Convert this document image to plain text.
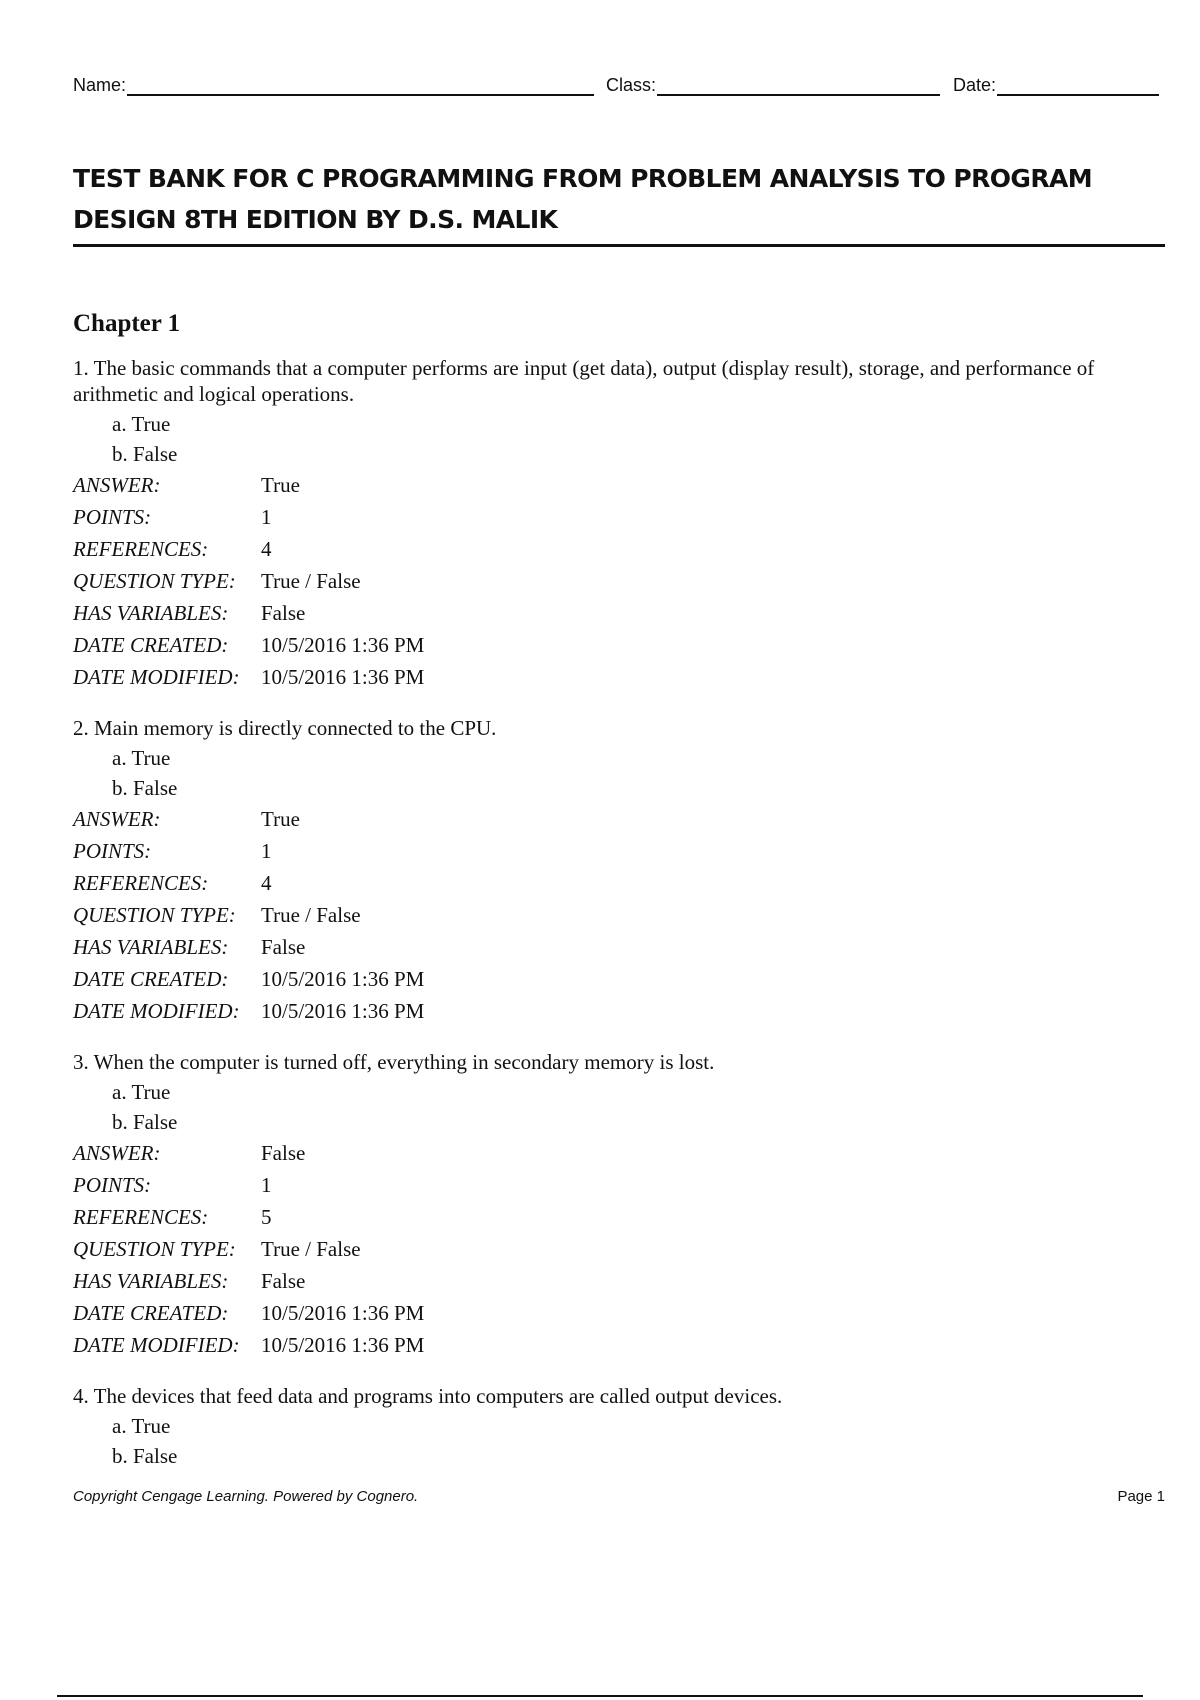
Name:	Class:	Date:
TEST BANK FOR C PROGRAMMING FROM PROBLEM ANALYSIS TO PROGRAM DESIGN 8TH EDITION BY D.S. MALIK
Chapter 1

1. The basic commands that a computer performs are input (get data), output (display result), storage, and performance of arithmetic and logical operations.

a. True
b. False
ANSWER:	True
POINTS:	1
REFERENCES:	4
QUESTION TYPE:	True / False
HAS VARIABLES:	False
DATE CREATED:	10/5/2016 1:36 PM
DATE MODIFIED:	10/5/2016 1:36 PM

2. Main memory is directly connected to the CPU.

a. True
b. False
ANSWER:	True
POINTS:	1
REFERENCES:	4
QUESTION TYPE:	True / False
HAS VARIABLES:	False
DATE CREATED:	10/5/2016 1:36 PM
DATE MODIFIED:	10/5/2016 1:36 PM

3. When the computer is turned off, everything in secondary memory is lost.

a. True
b. False
ANSWER:	False
POINTS:	1
REFERENCES:	5
QUESTION TYPE:	True / False
HAS VARIABLES:	False
DATE CREATED:	10/5/2016 1:36 PM
DATE MODIFIED:	10/5/2016 1:36 PM

4. The devices that feed data and programs into computers are called output devices.

a. True
b. False
Copyright Cengage Learning. Powered by Cognero.	Page 1
